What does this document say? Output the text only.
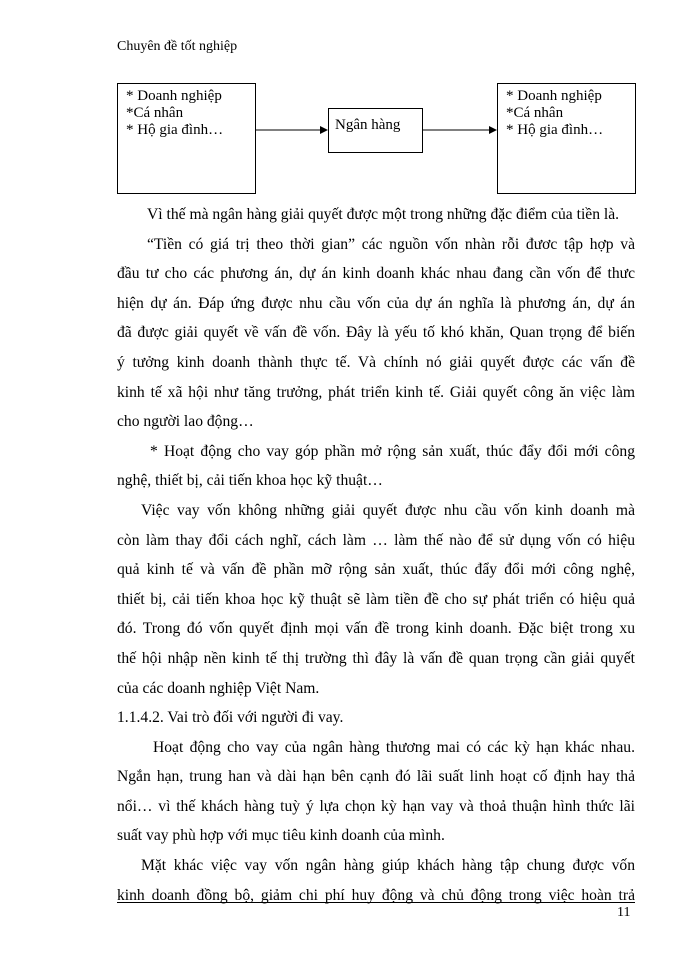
Chuyên đề tốt nghiệp
* Doanh nghiệp
*Cá nhân
* Hộ gia đình…	Ngân hàng
* Doanh nghiệp
*Cá nhân
* Hộ gia đình…
Vì thế mà ngân hàng giải quyết được một trong những đặc điểm của tiền là.
“Tiền có giá trị theo thời gian” các nguồn vốn nhàn rỗi đươc tập hợp và
đầu tư cho các phương án, dự án kinh doanh khác nhau đang cần vốn để thưc
hiện dự án. Đáp ứng được nhu cầu vốn của dự án nghĩa là phương án, dự án
đã được giải quyết về vấn đề vốn. Đây là yếu tố khó khăn, Quan trọng để biến
ý tưởng kinh doanh thành thực tế. Và chính nó giải quyết được các vấn đề
kinh tế xã hội như tăng trưởng, phát triển kinh tế. Giải quyết công ăn việc làm
cho người lao động…
* Hoạt động cho vay góp phần mở rộng sản xuất, thúc đẩy đổi mới công
nghệ, thiết bị, cải tiến khoa học kỹ thuật…
Việc vay vốn không những giải quyết được nhu cầu vốn kinh doanh mà
còn làm thay đổi cách nghĩ, cách làm … làm thế nào để sử dụng vốn có hiệu
quả kinh tế và vấn đề phần mỡ rộng sản xuất, thúc đẩy đổi mới công nghệ,
thiết bị, cải tiến khoa học kỹ thuật sẽ làm tiền đề cho sự phát triển có hiệu quả
đó. Trong đó vốn quyết định mọi vấn đề trong kinh doanh. Đặc biệt trong xu
thế hội nhập nền kinh tế thị trường thì đây là vấn đề quan trọng cần giải quyết
của các doanh nghiệp Việt Nam.
1.1.4.2. Vai trò đối với người đi vay.
Hoạt động cho vay của ngân hàng thương mai có các kỳ hạn khác nhau.
Ngắn hạn, trung han và dài hạn bên cạnh đó lãi suất linh hoạt cố định hay thả
nổi… vì thế khách hàng tuỳ ý lựa chọn kỳ hạn vay và thoả thuận hình thức lãi
suất vay phù hợp với mục tiêu kinh doanh của mình.
Mặt khác việc vay vốn ngân hàng giúp khách hàng tập chung được vốn
kinh doanh đồng bộ, giảm chi phí huy động và chủ động trong việc hoàn trả
11
